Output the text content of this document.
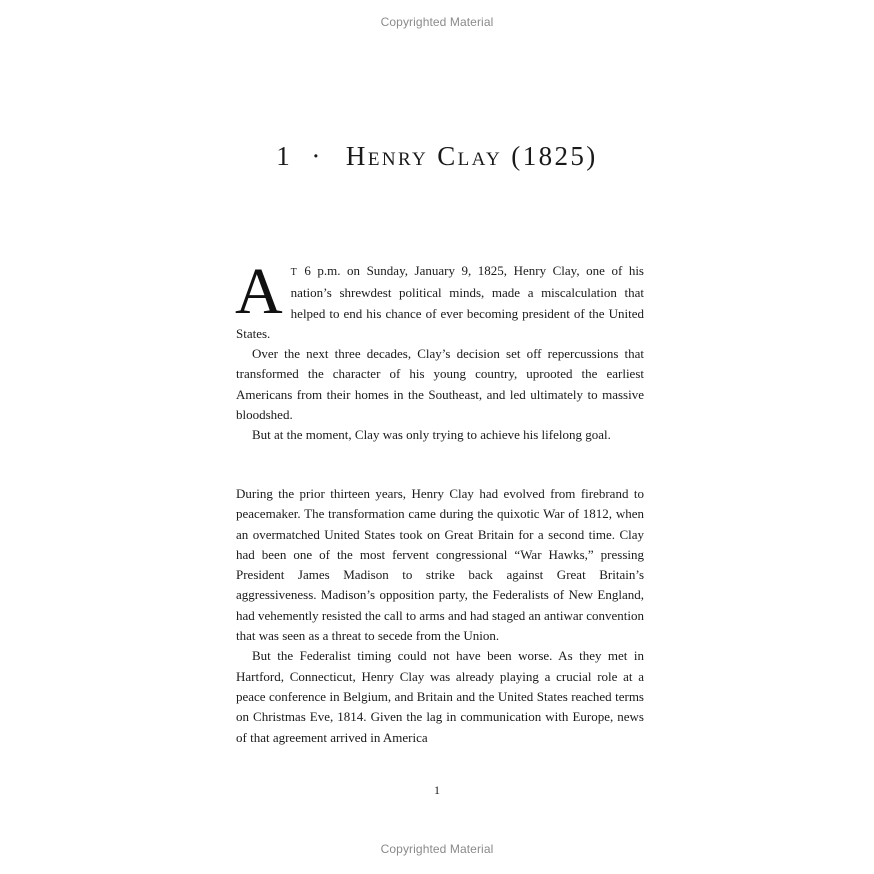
Copyrighted Material
1 · Henry Clay (1825)

AT 6 p.m. on Sunday, January 9, 1825, Henry Clay, one of his nation’s shrewdest political minds, made a miscalculation that helped to end his chance of ever becoming president of the United States.

Over the next three decades, Clay’s decision set off repercussions that transformed the character of his young country, uprooted the earliest Americans from their homes in the Southeast, and led ultimately to massive bloodshed.

But at the moment, Clay was only trying to achieve his lifelong goal.

During the prior thirteen years, Henry Clay had evolved from firebrand to peacemaker. The transformation came during the quixotic War of 1812, when an overmatched United States took on Great Britain for a second time. Clay had been one of the most fervent congressional “War Hawks,” pressing President James Madison to strike back against Great Britain’s aggressiveness. Madison’s opposition party, the Federalists of New England, had vehemently resisted the call to arms and had staged an antiwar convention that was seen as a threat to secede from the Union.

But the Federalist timing could not have been worse. As they met in Hartford, Connecticut, Henry Clay was already playing a crucial role at a peace conference in Belgium, and Britain and the United States reached terms on Christmas Eve, 1814. Given the lag in communication with Europe, news of that agreement arrived in America

1
Copyrighted Material
